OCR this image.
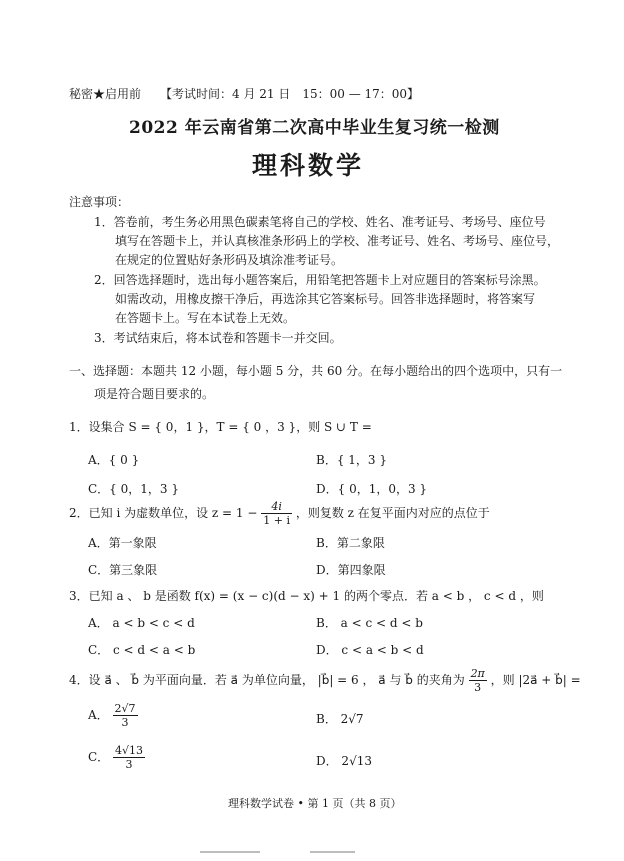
秘密★启用前 【考试时间：4 月 21 日　15：00 — 17：00】
2022 年云南省第二次高中毕业生复习统一检测
理科数学
注意事项：
1．答卷前，考生务必用黑色碳素笔将自己的学校、姓名、准考证号、考场号、座位号
填写在答题卡上，并认真核准条形码上的学校、准考证号、姓名、考场号、座位号，
在规定的位置贴好条形码及填涂准考证号。
2．回答选择题时，选出每小题答案后，用铅笔把答题卡上对应题目的答案标号涂黑。
如需改动，用橡皮擦干净后，再选涂其它答案标号。回答非选择题时，将答案写
在答题卡上。写在本试卷上无效。
3．考试结束后，将本试卷和答题卡一并交回。
一、选择题：本题共 12 小题，每小题 5 分，共 60 分。在每小题给出的四个选项中，只有一
项是符合题目要求的。
1．设集合 S = { 0，1 }，T = { 0 ，3 }，则 S ∪ T =
A．{ 0 }	B．{ 1，3 }
C．{ 0，1，3 }	D．{ 0，1，0，3 }
2．已知 i 为虚数单位，设 $z = 1 - \frac{4i}{1 + i}$ ，则复数 z 在复平面内对应的点位于
A．第一象限	B．第二象限
C．第三象限	D．第四象限
3．已知 a 、 b 是函数 f(x) = (x − c)(d − x) + 1 的两个零点．若 a < b ， c < d ，则
A． a < b < c < d	B． a < c < d < b
C． c < d < a < b	D． c < a < b < d
4．设 a⃗ 、 b⃗ 为平面向量．若 a⃗ 为单位向量， |b⃗| = 6 ， a⃗ 与 b⃗ 的夹角为 $\frac{2\pi}{3}$ ，则 |2a⃗ + b⃗| =
A． $\frac{2√7}{3}$	B． 2√7
C． $\frac{4√13}{3}$	D． 2√13
理科数学试卷 • 第 1 页（共 8 页）
